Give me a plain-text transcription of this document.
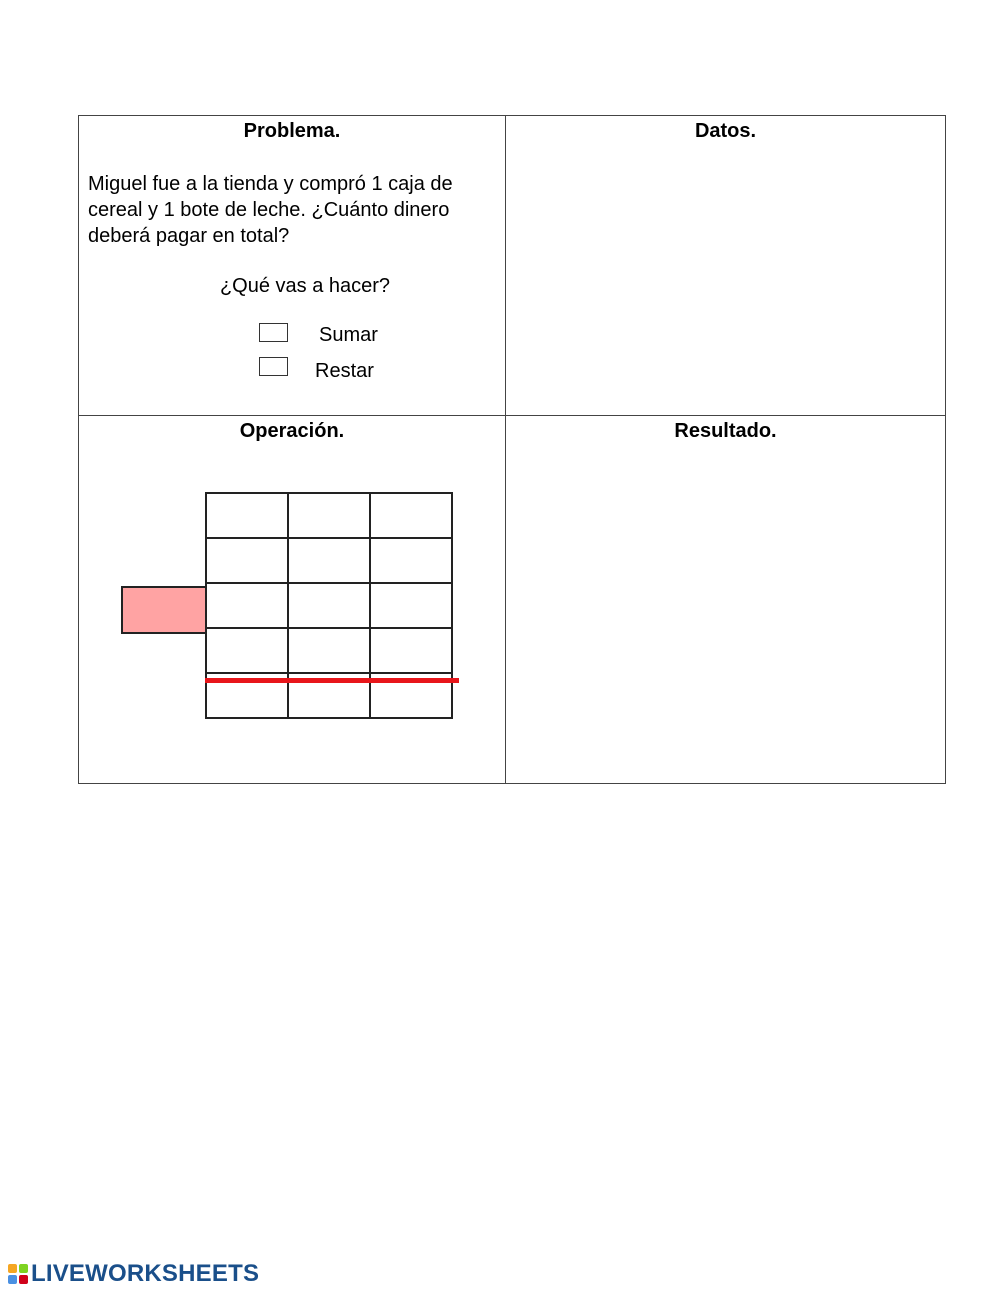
Problema.
Miguel fue a la tienda y compró 1 caja de cereal y 1 bote de leche. ¿Cuánto dinero deberá pagar en total?
¿Qué vas a hacer?
Sumar
Restar
Datos.
Operación.

			Resultado.
LIVEWORKSHEETS
